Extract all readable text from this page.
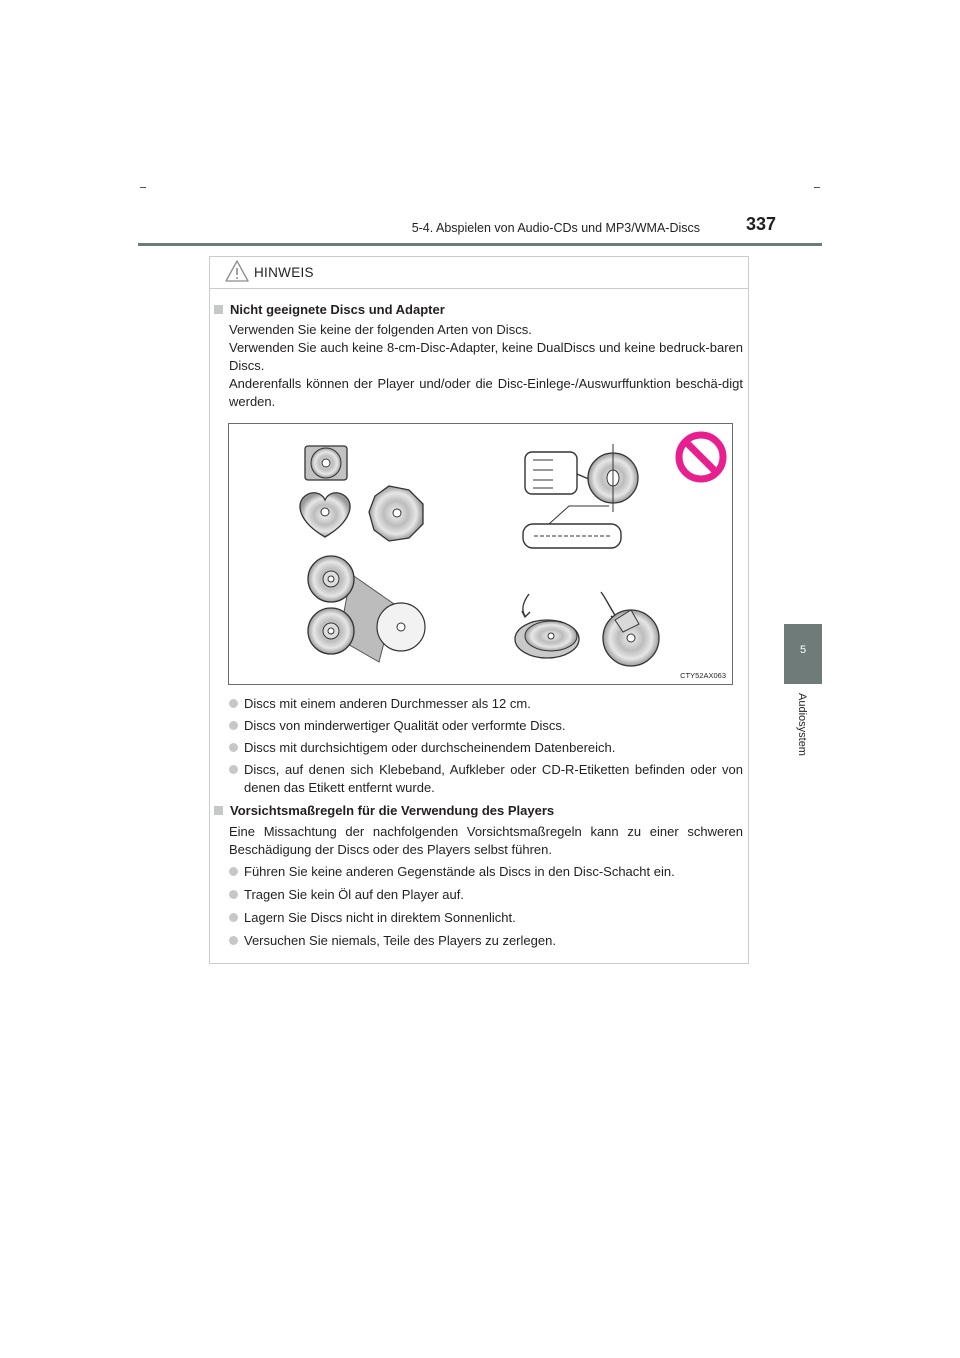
5-4. Abspielen von Audio-CDs und MP3/WMA-Discs	337
5
Audiosystem
HINWEIS
Nicht geeignete Discs und Adapter
Verwenden Sie keine der folgenden Arten von Discs.
Verwenden Sie auch keine 8-cm-Disc-Adapter, keine DualDiscs und keine bedruck-baren Discs.
Anderenfalls können der Player und/oder die Disc-Einlege-/Auswurffunktion beschä-digt werden.
CTY52AX063
Discs mit einem anderen Durchmesser als 12 cm.
Discs von minderwertiger Qualität oder verformte Discs.
Discs mit durchsichtigem oder durchscheinendem Datenbereich.
Discs, auf denen sich Klebeband, Aufkleber oder CD-R-Etiketten befinden oder von denen das Etikett entfernt wurde.
Vorsichtsmaßregeln für die Verwendung des Players
Eine Missachtung der nachfolgenden Vorsichtsmaßregeln kann zu einer schweren Beschädigung der Discs oder des Players selbst führen.
Führen Sie keine anderen Gegenstände als Discs in den Disc-Schacht ein.
Tragen Sie kein Öl auf den Player auf.
Lagern Sie Discs nicht in direktem Sonnenlicht.
Versuchen Sie niemals, Teile des Players zu zerlegen.
